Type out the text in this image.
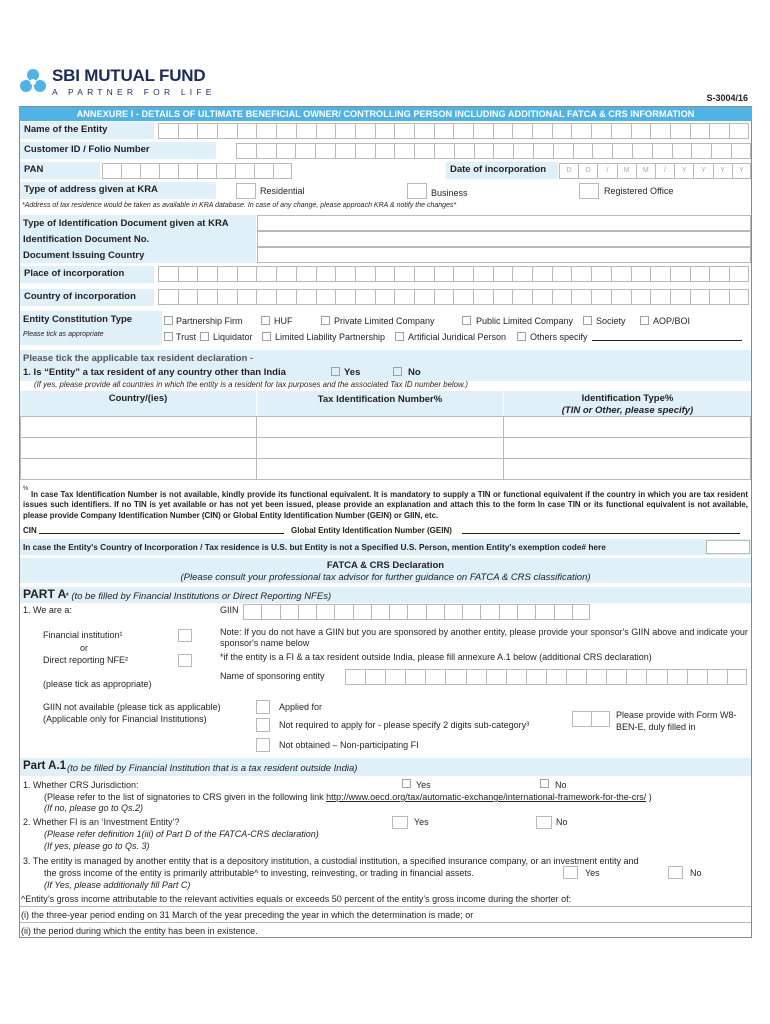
SBI MUTUAL FUND
A PARTNER FOR LIFE
S-3004/16
ANNEXURE I - DETAILS OF ULTIMATE BENEFICIAL OWNER/ CONTROLLING PERSON INCLUDING ADDITIONAL FATCA & CRS INFORMATION
Name of the Entity
Customer ID / Folio Number
PAN	Date of incorporation	D	D	/	M	M	/	Y	Y	Y	Y
Type of address given at KRA	Residential	Business	Registered Office
*Address of tax residence would be taken as available in KRA database. In case of any change, please approach KRA & notify the changes*
Type of Identification Document given at KRA
Identification Document No.
Document Issuing Country
Place of incorporation
Country of incorporation
Entity Constitution Type
Please tick as appropriate
Partnership Firm	HUF	Private Limited Company	Public Limited Company	Society	AOP/BOI
Trust Liquidator Limited Liability Partnership	Artificial Juridical Person	Others specify
Please tick the applicable tax resident declaration -
1. Is “Entity” a tax resident of any country other than India	Yes	No
(If yes, please provide all countries in which the entity is a resident for tax purposes and the associated Tax ID number below.)
Country/(ies)	Tax Identification Number%	Identification Type%
(TIN or Other, please specify)
%
In case Tax Identification Number is not available, kindly provide its functional equivalent. It is mandatory to supply a TIN or functional equivalent if the country in which you are tax resident issues such identifiers. If no TIN is yet available or has not yet been issued, please provide an explanation and attach this to the form In case TIN or its functional equivalent is not available, please provide Company Identification Number (CIN) or Global Entity Identification Number (GEIN) or GIIN, etc.
CIN	Global Entity Identification Number (GEIN)
In case the Entity's Country of Incorporation / Tax residence is U.S. but Entity is not a Specified U.S. Person, mention Entity's exemption code# here
FATCA & CRS Declaration
(Please consult your professional tax advisor for further guidance on FATCA & CRS classification)
PART A
* (to be filled by Financial Institutions or Direct Reporting NFEs)
1. We are a:	GIIN
Financial institution¹
or
Direct reporting NFE²
(please tick as appropriate)
Note: If you do not have a GIIN but you are sponsored by another entity, please provide your sponsor's GIIN above and indicate your sponsor's name below
*if the entity is a FI & a tax resident outside India, please fill annexure A.1 below (additional CRS declaration)
Name of sponsoring entity
GIIN not available (please tick as applicable)
(Applicable only for Financial Institutions)
Applied for
Not required to apply for - please specify 2 digits sub-category³
Please provide with Form W8-BEN-E, duly filled in
Not obtained – Non-participating FI
Part A.1 (to be filled by Financial Institution that is a tax resident outside India)
1. Whether CRS Jurisdiction:	Yes	No
(Please refer to the list of signatories to CRS given in the following link http://www.oecd.org/tax/automatic-exchange/international-framework-for-the-crs/ )
(If no, please go to Qs.2)
2. Whether FI is an ‘Investment Entity’?	Yes	No
(Please refer definition 1(iii) of Part D of the FATCA-CRS declaration)
(If yes, please go to Qs. 3)
3. The entity is managed by another entity that is a depository institution, a custodial institution, a specified insurance company, or an investment entity and
the gross income of the entity is primarily attributable^ to investing, reinvesting, or trading in financial assets.	Yes	No
(If Yes, please additionally fill Part C)
^Entity’s gross income attributable to the relevant activities equals or exceeds 50 percent of the entity’s gross income during the shorter of:
(i) the three-year period ending on 31 March of the year preceding the year in which the determination is made; or
(ii) the period during which the entity has been in existence.
